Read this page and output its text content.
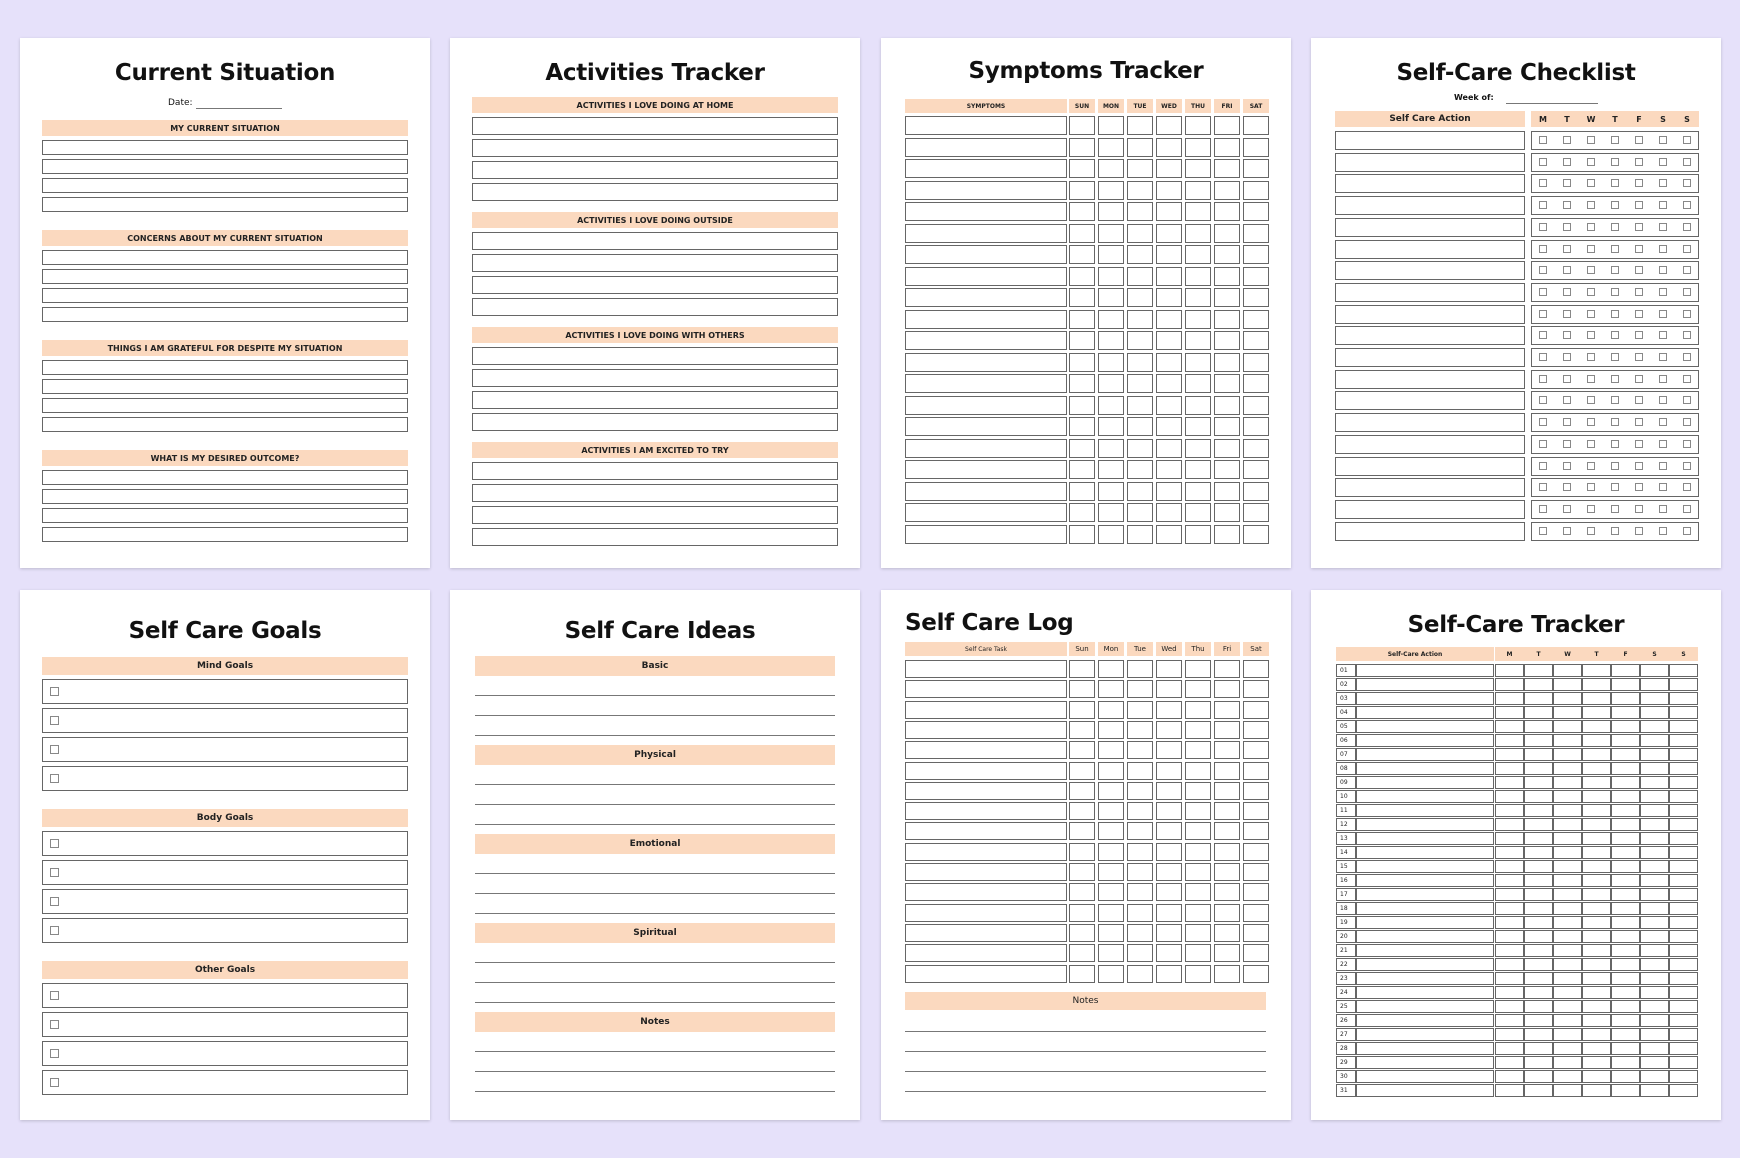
Current Situation
Date:
MY CURRENT SITUATION
CONCERNS ABOUT MY CURRENT SITUATION
THINGS I AM GRATEFUL FOR DESPITE MY SITUATION
WHAT IS MY DESIRED OUTCOME?
Activities Tracker
ACTIVITIES I LOVE DOING AT HOME
ACTIVITIES I LOVE DOING OUTSIDE
ACTIVITIES I LOVE DOING WITH OTHERS
ACTIVITIES I AM EXCITED TO TRY
Symptoms Tracker
SYMPTOMS	SUN	MON	TUE	WED	THU	FRI	SAT
Self-Care Checklist
Week of:
Self Care Action	M	T	W	T	F	S	S
Self Care Goals
Mind Goals
Body Goals
Other Goals
Self Care Ideas
Basic
Physical
Emotional
Spiritual
Notes
Self Care Log
Self Care Task	Sun	Mon	Tue	Wed	Thu	Fri	Sat
Notes
Self-Care Tracker
Self-Care Action	M	T	W	T	F	S	S
01
02
03
04
05
06
07
08
09
10
11
12
13
14
15
16
17
18
19
20
21
22
23
24
25
26
27
28
29
30
31
